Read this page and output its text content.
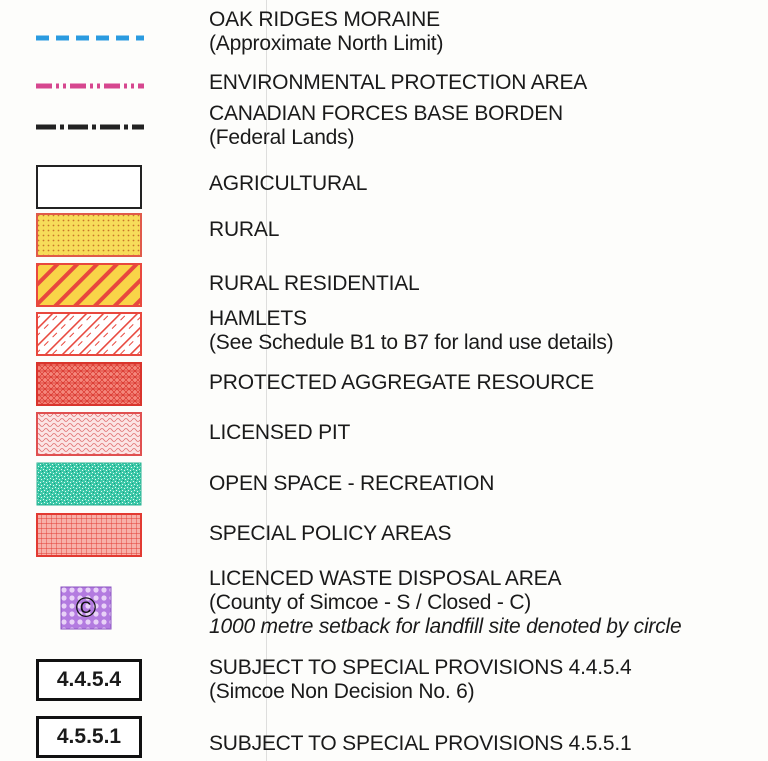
OAK RIDGES MORAINE
(Approximate North Limit)
ENVIRONMENTAL PROTECTION AREA
CANADIAN FORCES BASE BORDEN
(Federal Lands)
AGRICULTURAL
RURAL
RURAL RESIDENTIAL
HAMLETS
(See Schedule B1 to B7 for land use details)
PROTECTED AGGREGATE RESOURCE
LICENSED PIT
OPEN SPACE - RECREATION
SPECIAL POLICY AREAS
©
LICENCED WASTE DISPOSAL AREA
(County of Simcoe - S / Closed - C)
1000 metre setback for landfill site denoted by circle
4.4.5.4
SUBJECT TO SPECIAL PROVISIONS 4.4.5.4
(Simcoe Non Decision No. 6)
4.5.5.1	SUBJECT TO SPECIAL PROVISIONS 4.5.5.1
